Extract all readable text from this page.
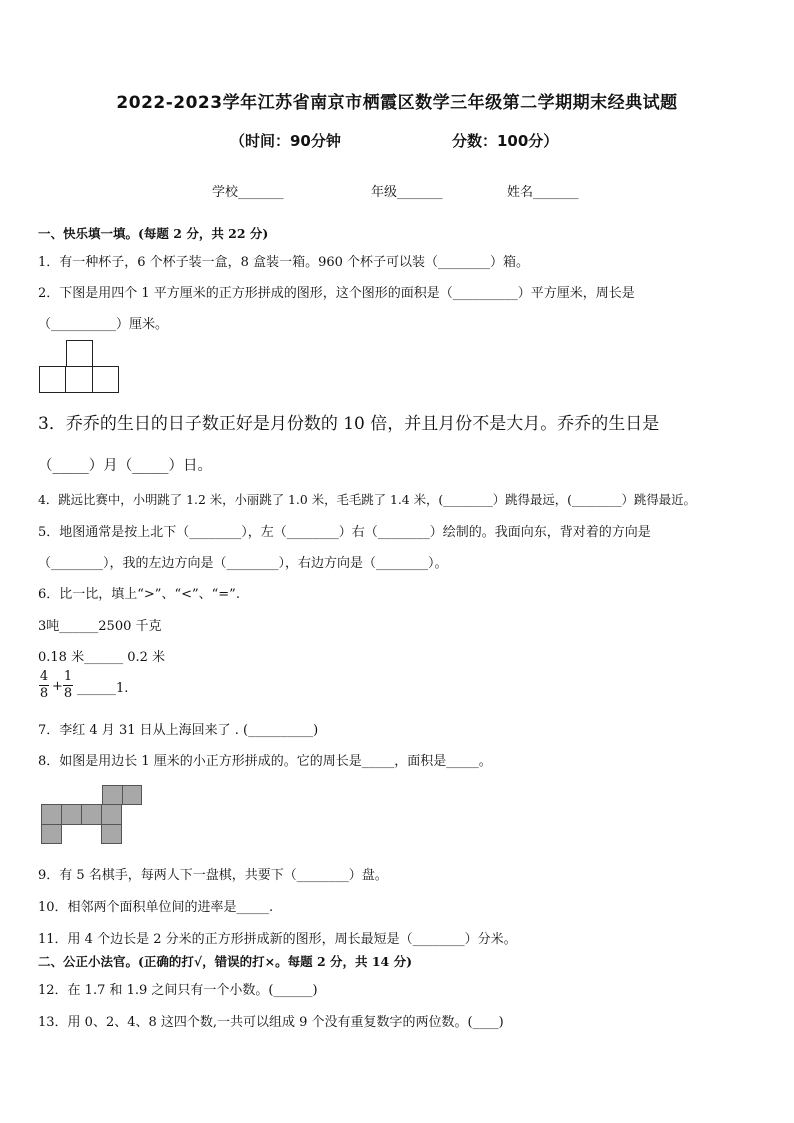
2022-2023学年江苏省南京市栖霞区数学三年级第二学期期末经典试题
（时间：90分钟	分数：100分）
学校_______	年级_______	姓名_______
一、快乐填一填。(每题 2 分，共 22 分)
1．有一种杯子，6 个杯子装一盒，8 盒装一箱。960 个杯子可以装（________）箱。
2．下图是用四个 1 平方厘米的正方形拼成的图形，这个图形的面积是（__________）平方厘米，周长是
（__________）厘米。
3．乔乔的生日的日子数正好是月份数的 10 倍，并且月份不是大月。乔乔的生日是
（_____）月（_____）日。
4．跳远比赛中，小明跳了 1.2 米，小丽跳了 1.0 米，毛毛跳了 1.4 米，(________）跳得最远，(________）跳得最近。
5．地图通常是按上北下（________），左（________）右（________）绘制的。我面向东，背对着的方向是
（________），我的左边方向是（________），右边方向是（________）。
6．比一比，填上“>”、“<”、“=”.
3吨______2500 千克
0.18 米______ 0.2 米
4
8 +
1
8 ______1.
7．李红 4 月 31 日从上海回来了 . (__________)
8．如图是用边长 1 厘米的小正方形拼成的。它的周长是_____，面积是_____。
9．有 5 名棋手，每两人下一盘棋，共要下（________）盘。
10．相邻两个面积单位间的进率是_____.
11．用 4 个边长是 2 分米的正方形拼成新的图形，周长最短是（________）分米。
二、公正小法官。(正确的打√，错误的打×。每题 2 分，共 14 分)
12．在 1.7 和 1.9 之间只有一个小数。(______)
13．用 0、2、4、8 这四个数,一共可以组成 9 个没有重复数字的两位数。(____)
